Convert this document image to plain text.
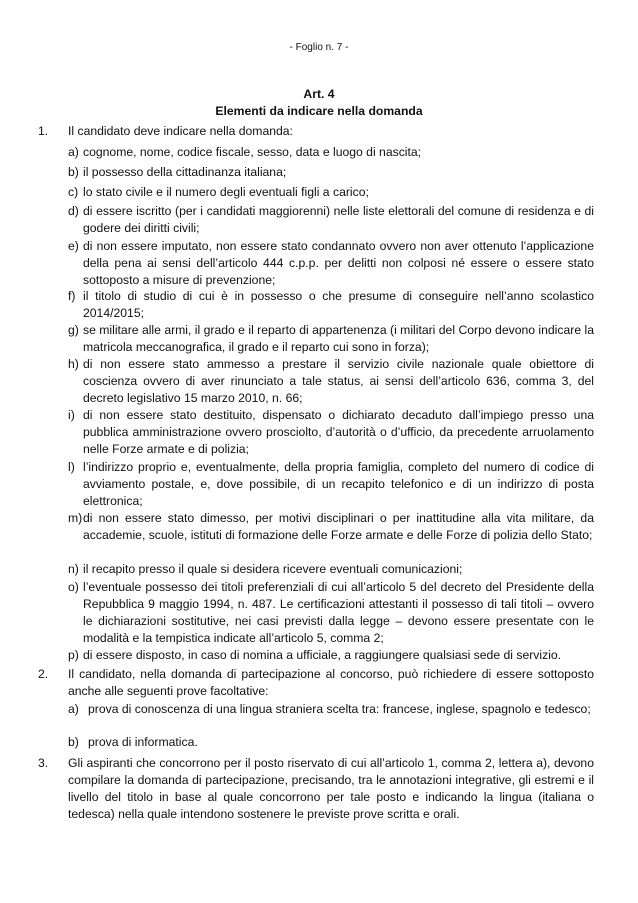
- Foglio n. 7 -
Art. 4
Elementi da indicare nella domanda
1. Il candidato deve indicare nella domanda:
a) cognome, nome, codice fiscale, sesso, data e luogo di nascita;
b) il possesso della cittadinanza italiana;
c) lo stato civile e il numero degli eventuali figli a carico;
d) di essere iscritto (per i candidati maggiorenni) nelle liste elettorali del comune di residenza e di godere dei diritti civili;
e) di non essere imputato, non essere stato condannato ovvero non aver ottenuto l’applicazione della pena ai sensi dell’articolo 444 c.p.p. per delitti non colposi né essere o essere stato sottoposto a misure di prevenzione;
f) il titolo di studio di cui è in possesso o che presume di conseguire nell’anno scolastico 2014/2015;
g) se militare alle armi, il grado e il reparto di appartenenza (i militari del Corpo devono indicare la matricola meccanografica, il grado e il reparto cui sono in forza);
h) di non essere stato ammesso a prestare il servizio civile nazionale quale obiettore di coscienza ovvero di aver rinunciato a tale status, ai sensi dell’articolo 636, comma 3, del decreto legislativo 15 marzo 2010, n. 66;
i) di non essere stato destituito, dispensato o dichiarato decaduto dall’impiego presso una pubblica amministrazione ovvero prosciolto, d’autorità o d’ufficio, da precedente arruolamento nelle Forze armate e di polizia;
l) l’indirizzo proprio e, eventualmente, della propria famiglia, completo del numero di codice di avviamento postale, e, dove possibile, di un recapito telefonico e di un indirizzo di posta elettronica;
m) di non essere stato dimesso, per motivi disciplinari o per inattitudine alla vita militare, da accademie, scuole, istituti di formazione delle Forze armate e delle Forze di polizia dello Stato;
n) il recapito presso il quale si desidera ricevere eventuali comunicazioni;
o) l’eventuale possesso dei titoli preferenziali di cui all’articolo 5 del decreto del Presidente della Repubblica 9 maggio 1994, n. 487. Le certificazioni attestanti il possesso di tali titoli – ovvero le dichiarazioni sostitutive, nei casi previsti dalla legge – devono essere presentate con le modalità e la tempistica indicate all’articolo 5, comma 2;
p) di essere disposto, in caso di nomina a ufficiale, a raggiungere qualsiasi sede di servizio.
2. Il candidato, nella domanda di partecipazione al concorso, può richiedere di essere sottoposto anche alle seguenti prove facoltative:
a) prova di conoscenza di una lingua straniera scelta tra: francese, inglese, spagnolo e tedesco;
b) prova di informatica.
3. Gli aspiranti che concorrono per il posto riservato di cui all’articolo 1, comma 2, lettera a), devono compilare la domanda di partecipazione, precisando, tra le annotazioni integrative, gli estremi e il livello del titolo in base al quale concorrono per tale posto e indicando la lingua (italiana o tedesca) nella quale intendono sostenere le previste prove scritta e orali.
